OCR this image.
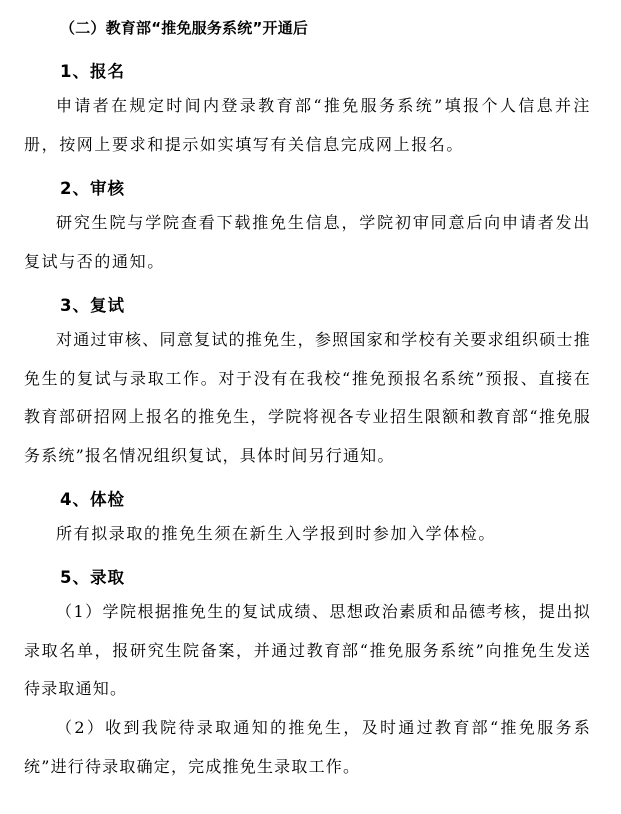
（二）教育部“推免服务系统”开通后
1、报名

申请者在规定时间内登录教育部“推免服务系统”填报个人信息并注册，按网上要求和提示如实填写有关信息完成网上报名。

2、审核

研究生院与学院查看下载推免生信息，学院初审同意后向申请者发出复试与否的通知。

3、复试

对通过审核、同意复试的推免生，参照国家和学校有关要求组织硕士推免生的复试与录取工作。对于没有在我校“推免预报名系统”预报、直接在教育部研招网上报名的推免生，学院将视各专业招生限额和教育部“推免服务系统”报名情况组织复试，具体时间另行通知。

4、体检

所有拟录取的推免生须在新生入学报到时参加入学体检。

5、录取

（1）学院根据推免生的复试成绩、思想政治素质和品德考核，提出拟录取名单，报研究生院备案，并通过教育部“推免服务系统”向推免生发送待录取通知。

（2）收到我院待录取通知的推免生，及时通过教育部“推免服务系统”进行待录取确定，完成推免生录取工作。
